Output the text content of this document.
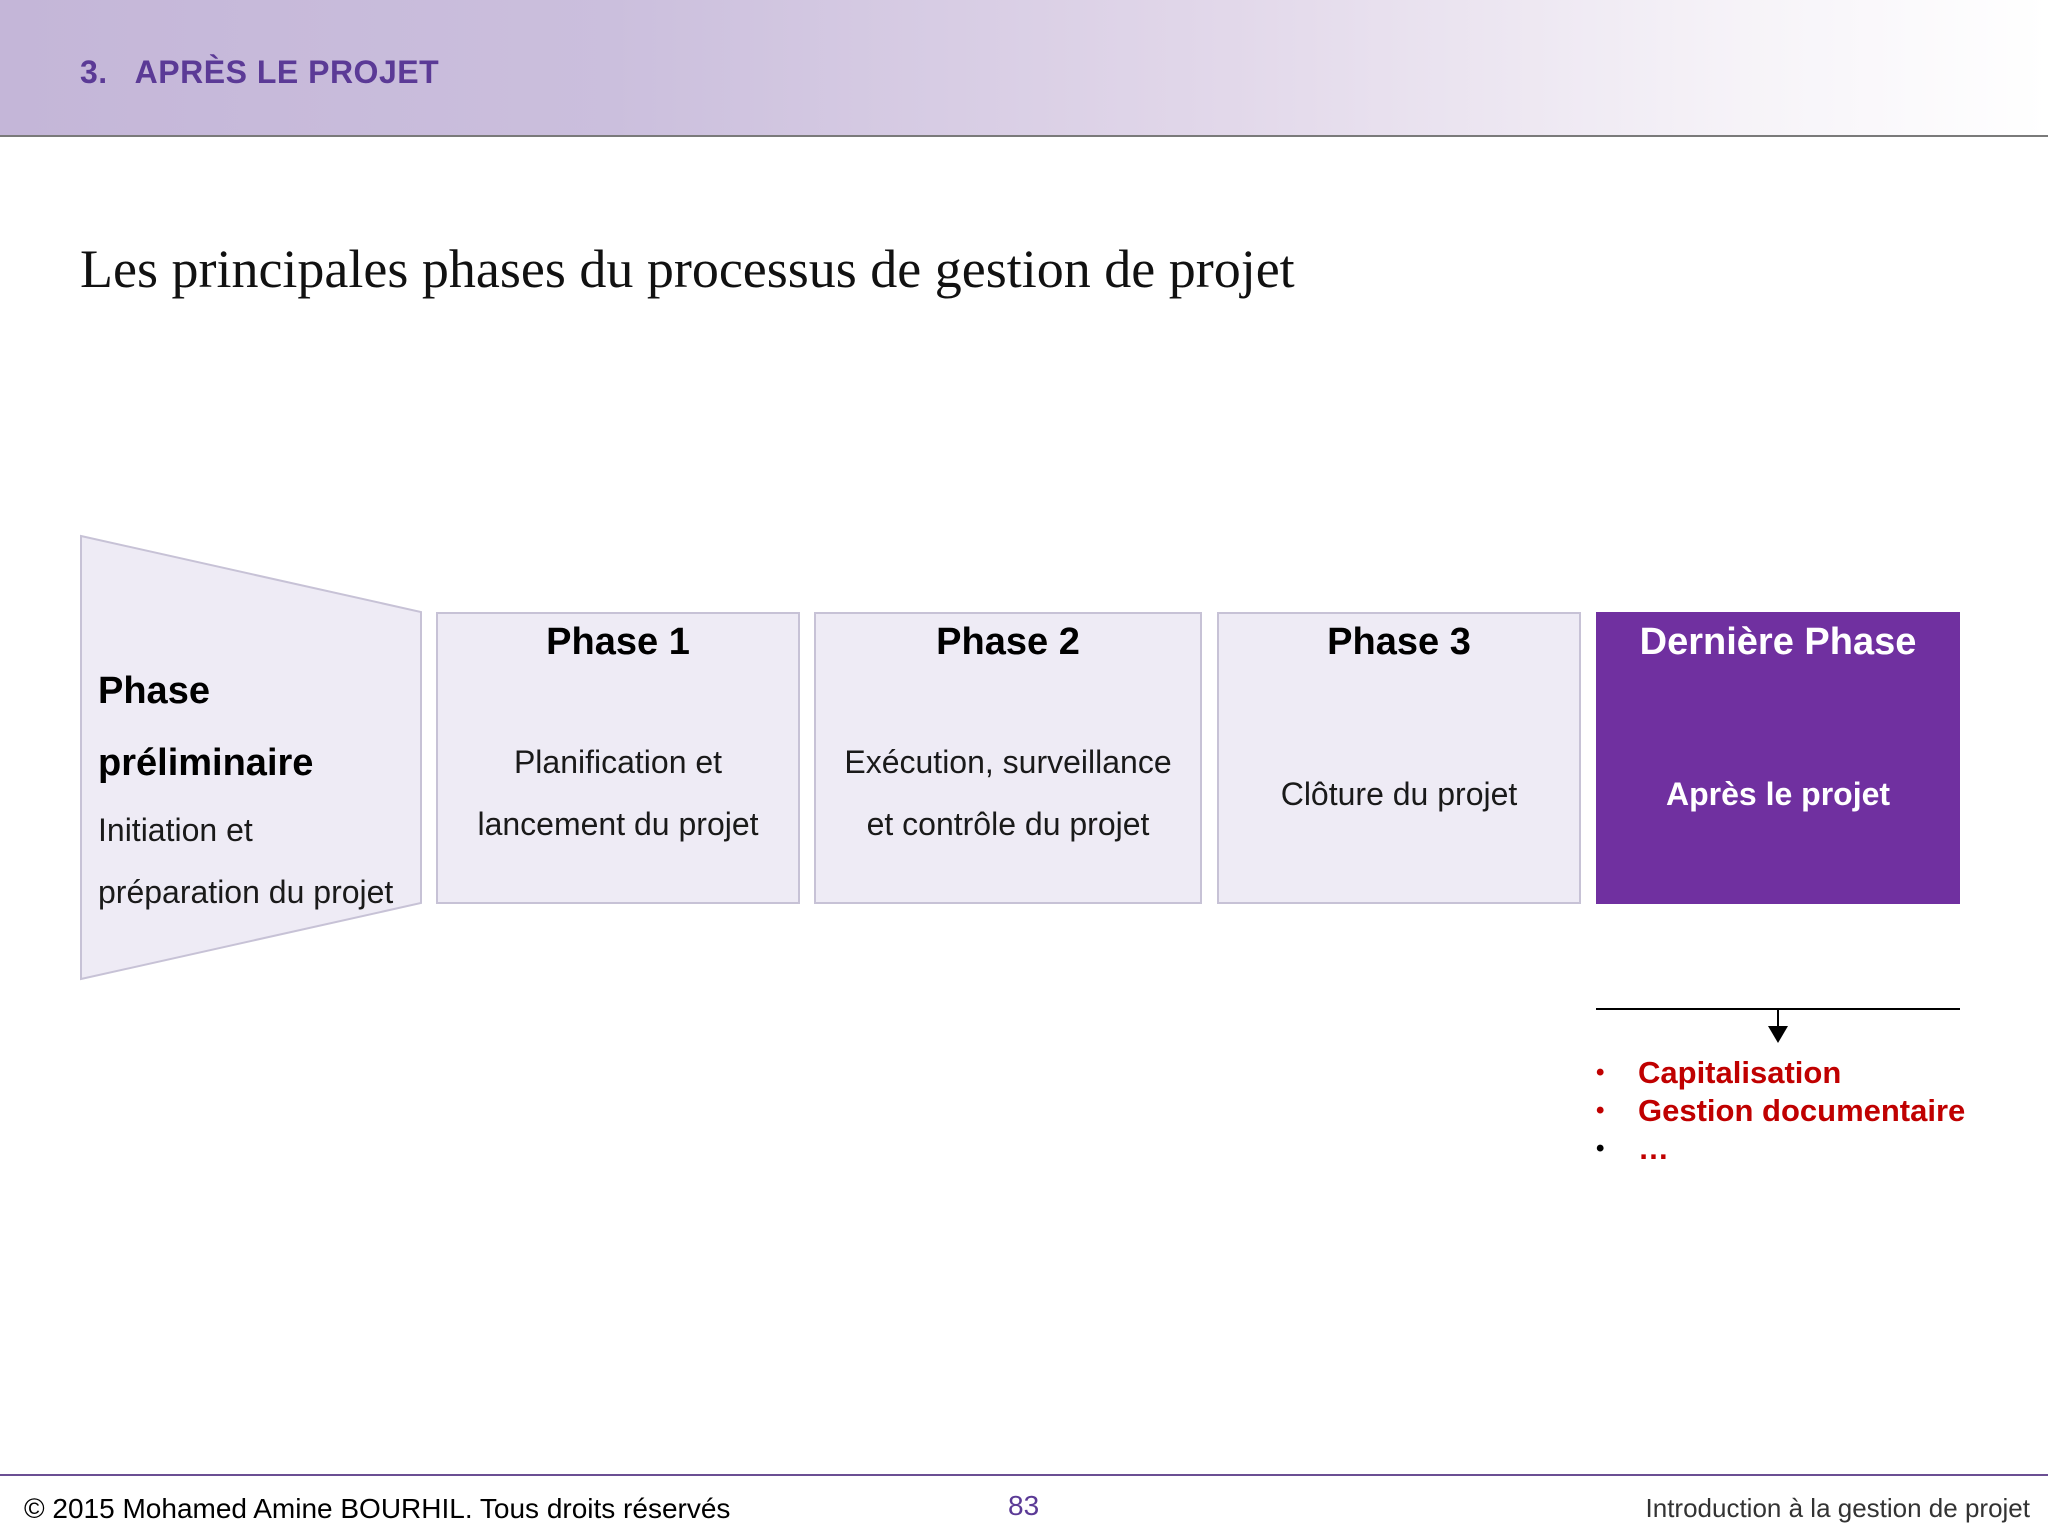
3.   APRÈS LE PROJET
Les principales phases du processus de gestion de projet

Phase

préliminaire

Initiation et

préparation du projet

Phase 1
Planification et
lancement du projet
Phase 2
Exécution, surveillance
et contrôle du projet
Phase 3
Clôture du projet
Dernière Phase
Après le projet
• Capitalisation
• Gestion documentaire
• …
© 2015 Mohamed Amine BOURHIL. Tous droits réservés	83	Introduction à la gestion de projet
